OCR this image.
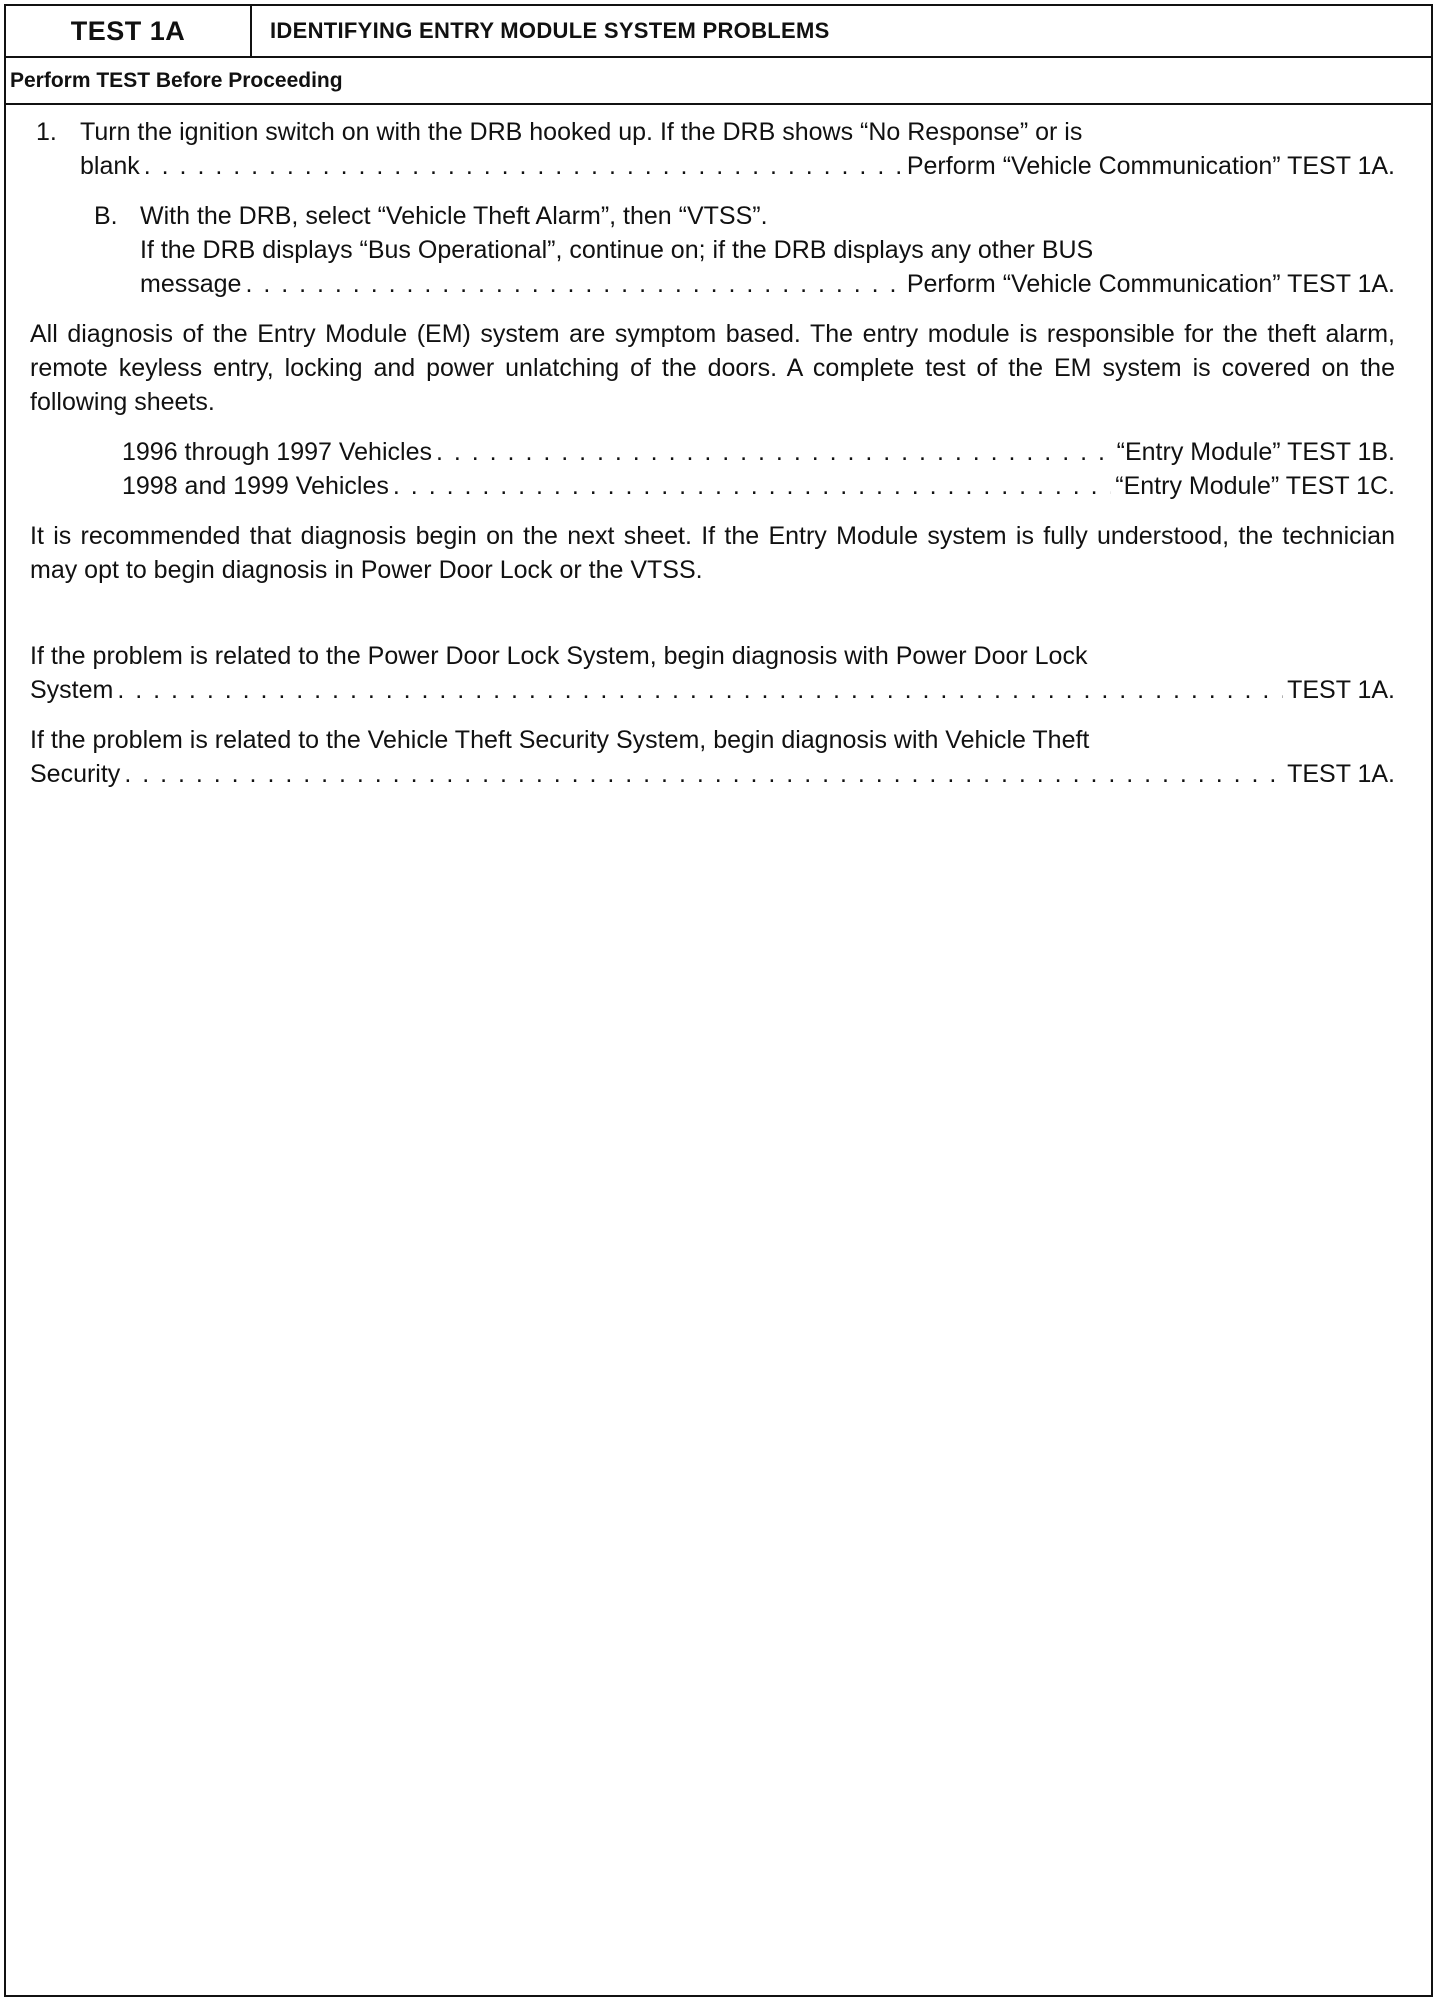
TEST 1A	IDENTIFYING ENTRY MODULE SYSTEM PROBLEMS
Perform TEST Before Proceeding
1. Turn the ignition switch on with the DRB hooked up. If the DRB shows “No Response” or is
blank . . .	Perform “Vehicle Communication” TEST 1A.
B. With the DRB, select “Vehicle Theft Alarm”, then “VTSS”.
If the DRB displays “Bus Operational”, continue on; if the DRB displays any other BUS
message . . .	Perform “Vehicle Communication” TEST 1A.
All diagnosis of the Entry Module (EM) system are symptom based. The entry module is responsible for the theft alarm, remote keyless entry, locking and power unlatching of the doors. A complete test of the EM system is covered on the following sheets.
1996 through 1997 Vehicles . . .	“Entry Module” TEST 1B.
1998 and 1999 Vehicles . . .	“Entry Module” TEST 1C.
It is recommended that diagnosis begin on the next sheet. If the Entry Module system is fully understood, the technician may opt to begin diagnosis in Power Door Lock or the VTSS.
If the problem is related to the Power Door Lock System, begin diagnosis with Power Door Lock
System . . .	TEST 1A.
If the problem is related to the Vehicle Theft Security System, begin diagnosis with Vehicle Theft
Security . . .	TEST 1A.
